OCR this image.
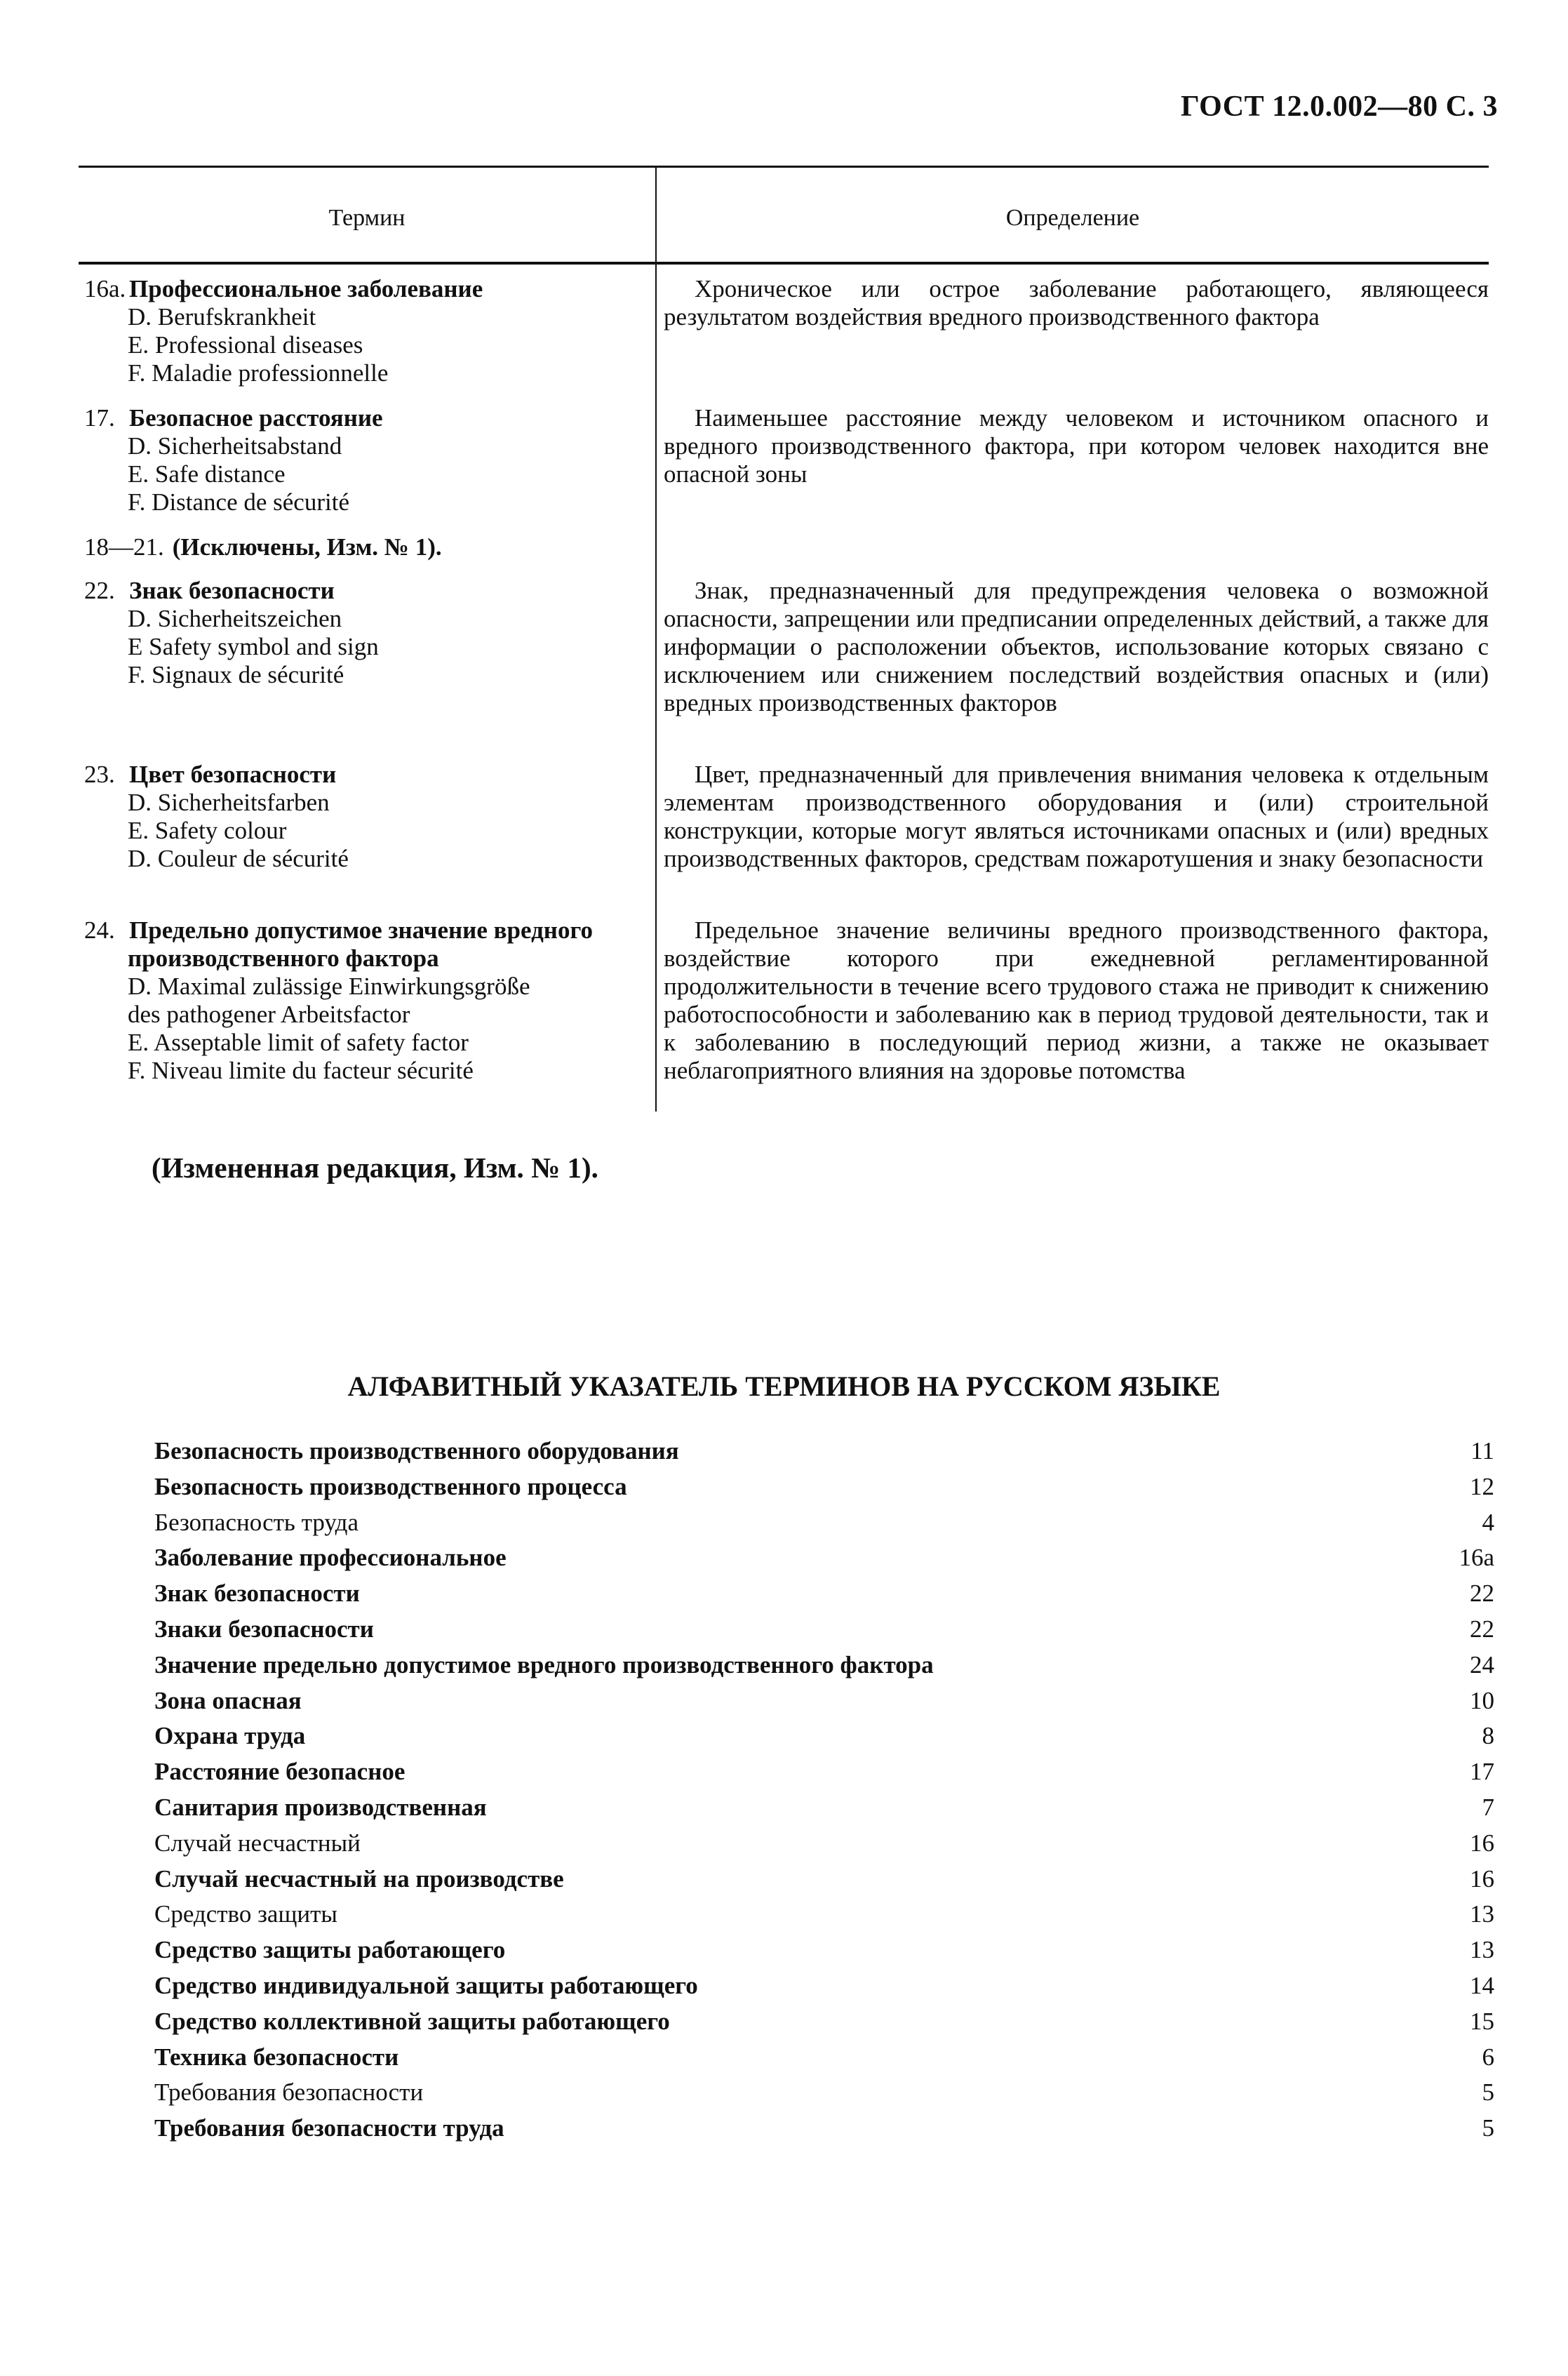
ГОСТ 12.0.002—80 С. 3
Термин	Определение
16а. Профессиональное заболевание
D. Berufskrankheit
E. Professional diseases
F. Maladie professionnelle
Хроническое или острое заболевание работающего, являющееся результатом воздействия вредного производственного фактора
17. Безопасное расстояние
D. Sicherheitsabstand
E. Safe distance
F. Distance de sécurité
Наименьшее расстояние между человеком и источником опасного и вредного производственного фактора, при котором человек находится вне опасной зоны
18—21. (Исключены, Изм. № 1).
22. Знак безопасности
D. Sicherheitszeichen
E Safety symbol and sign
F. Signaux de sécurité
Знак, предназначенный для предупреждения человека о возможной опасности, запрещении или предписании определенных действий, а также для информации о расположении объектов, использование которых связано с исключением или снижением последствий воздействия опасных и (или) вредных производственных факторов
23. Цвет безопасности
D. Sicherheitsfarben
E. Safety colour
D. Couleur de sécurité
Цвет, предназначенный для привлечения внимания человека к отдельным элементам производственного оборудования и (или) строительной конструкции, которые могут являться источниками опасных и (или) вредных производственных факторов, средствам пожаротушения и знаку безопасности
24. Предельно допустимое значение вредного
производственного фактора
D. Maximal zulässige Einwirkungsgröße
des pathogener Arbeitsfactor
E. Asseptable limit of safety factor
F. Niveau limite du facteur sécurité
Предельное значение величины вредного производственного фактора, воздействие которого при ежедневной регламентированной продолжительности в течение всего трудового стажа не приводит к снижению работоспособности и заболеванию как в период трудовой деятельности, так и к заболеванию в последующий период жизни, а также не оказывает неблагоприятного влияния на здоровье потомства
(Измененная редакция, Изм. № 1).
АЛФАВИТНЫЙ УКАЗАТЕЛЬ ТЕРМИНОВ НА РУССКОМ ЯЗЫКЕ
Безопасность производственного оборудования	11
Безопасность производственного процесса	12
Безопасность труда	4
Заболевание профессиональное	16а
Знак безопасности	22
Знаки безопасности	22
Значение предельно допустимое вредного производственного фактора	24
Зона опасная	10
Охрана труда	8
Расстояние безопасное	17
Санитария производственная	7
Случай несчастный	16
Случай несчастный на производстве	16
Средство защиты	13
Средство защиты работающего	13
Средство индивидуальной защиты работающего	14
Средство коллективной защиты работающего	15
Техника безопасности	6
Требования безопасности	5
Требования безопасности труда	5
